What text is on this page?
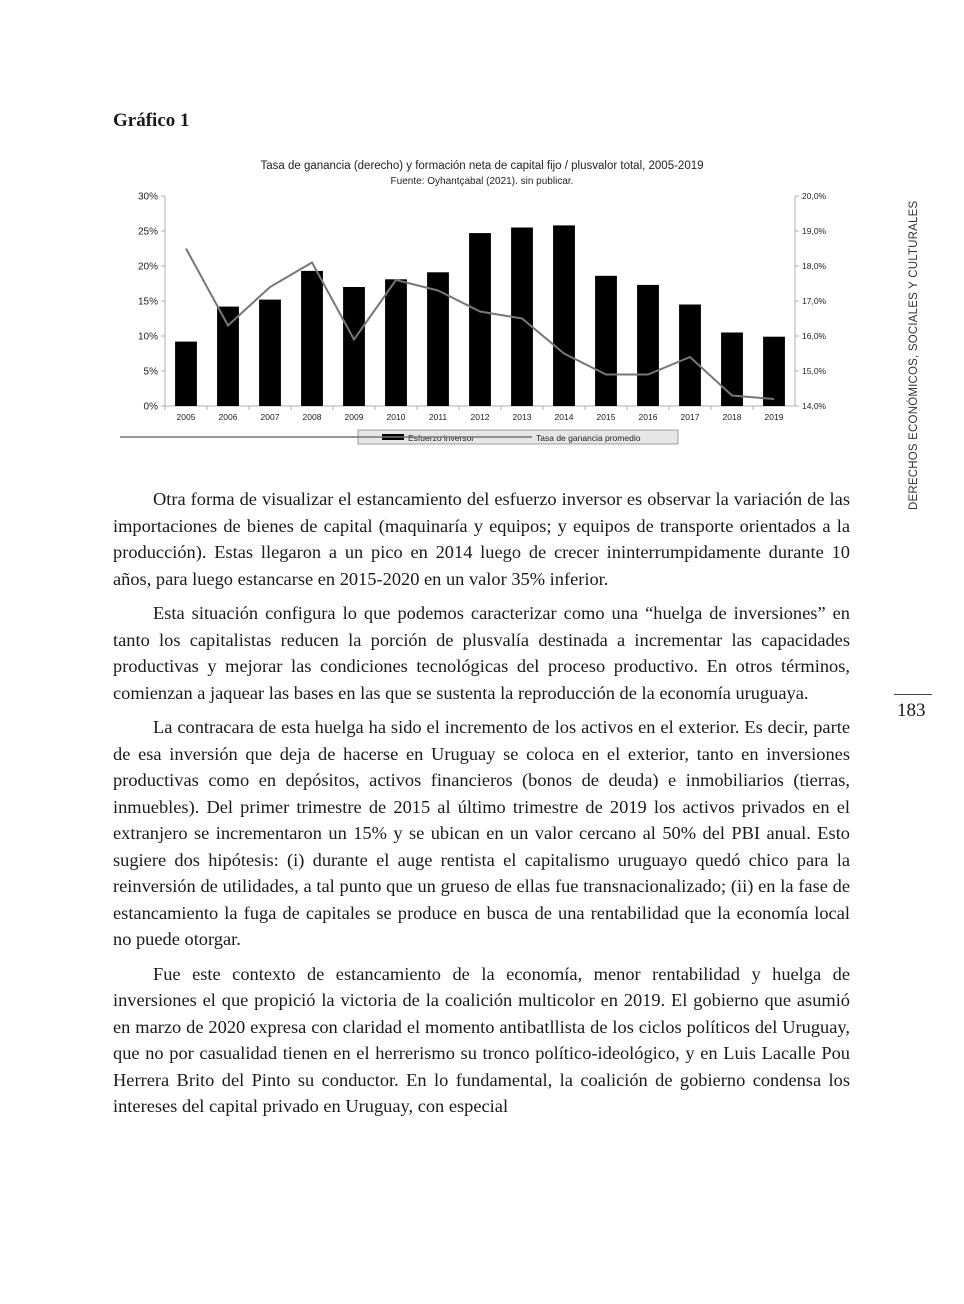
Gráfico 1
Tasa de ganancia (derecho) y formación neta de capital fijo / plusvalor total, 2005-2019
Fuente: Oyhantçabal (2021). sin publicar.
0%
5%
10%
15%
20%
25%
30%
14,0%
15,0%
16,0%
17,0%
18,0%
19,0%
20,0%
2005	2006	2007	2008	2009	2010	2011	2012	2013	2014	2015	2016	2017	2018	2019
Esfuerzo inversor	Tasa de ganancia promedio

Otra forma de visualizar el estancamiento del esfuerzo inversor es observar la variación de las importaciones de bienes de capital (maquinaría y equipos; y equipos de transporte orientados a la producción). Estas llegaron a un pico en 2014 luego de crecer ininterrumpidamente durante 10 años, para luego estancarse en 2015-2020 en un valor 35% inferior.

Esta situación configura lo que podemos caracterizar como una “huelga de inversiones” en tanto los capitalistas reducen la porción de plusvalía destinada a incrementar las capacidades productivas y mejorar las condiciones tecnológicas del proceso productivo. En otros términos, comienzan a jaquear las bases en las que se sustenta la reproducción de la economía uruguaya.

La contracara de esta huelga ha sido el incremento de los activos en el exterior. Es decir, parte de esa inversión que deja de hacerse en Uruguay se coloca en el exterior, tanto en inversiones productivas como en depósitos, activos financieros (bonos de deuda) e inmobiliarios (tierras, inmuebles). Del primer trimestre de 2015 al último trimestre de 2019 los activos privados en el extranjero se incrementaron un 15% y se ubican en un valor cercano al 50% del PBI anual. Esto sugiere dos hipótesis: (i) durante el auge rentista el capitalismo uruguayo quedó chico para la reinversión de utilidades, a tal punto que un grueso de ellas fue transnacionalizado; (ii) en la fase de estancamiento la fuga de capitales se produce en busca de una rentabilidad que la economía local no puede otorgar.

Fue este contexto de estancamiento de la economía, menor rentabilidad y huelga de inversiones el que propició la victoria de la coalición multicolor en 2019. El gobierno que asumió en marzo de 2020 expresa con claridad el momento antibatllista de los ciclos políticos del Uruguay, que no por casualidad tienen en el herrerismo su tronco político-ideológico, y en Luis Lacalle Pou Herrera Brito del Pinto su conductor. En lo fundamental, la coalición de gobierno condensa los intereses del capital privado en Uruguay, con especial

DERECHOS ECONÓMICOS, SOCIALES Y CULTURALES
183
